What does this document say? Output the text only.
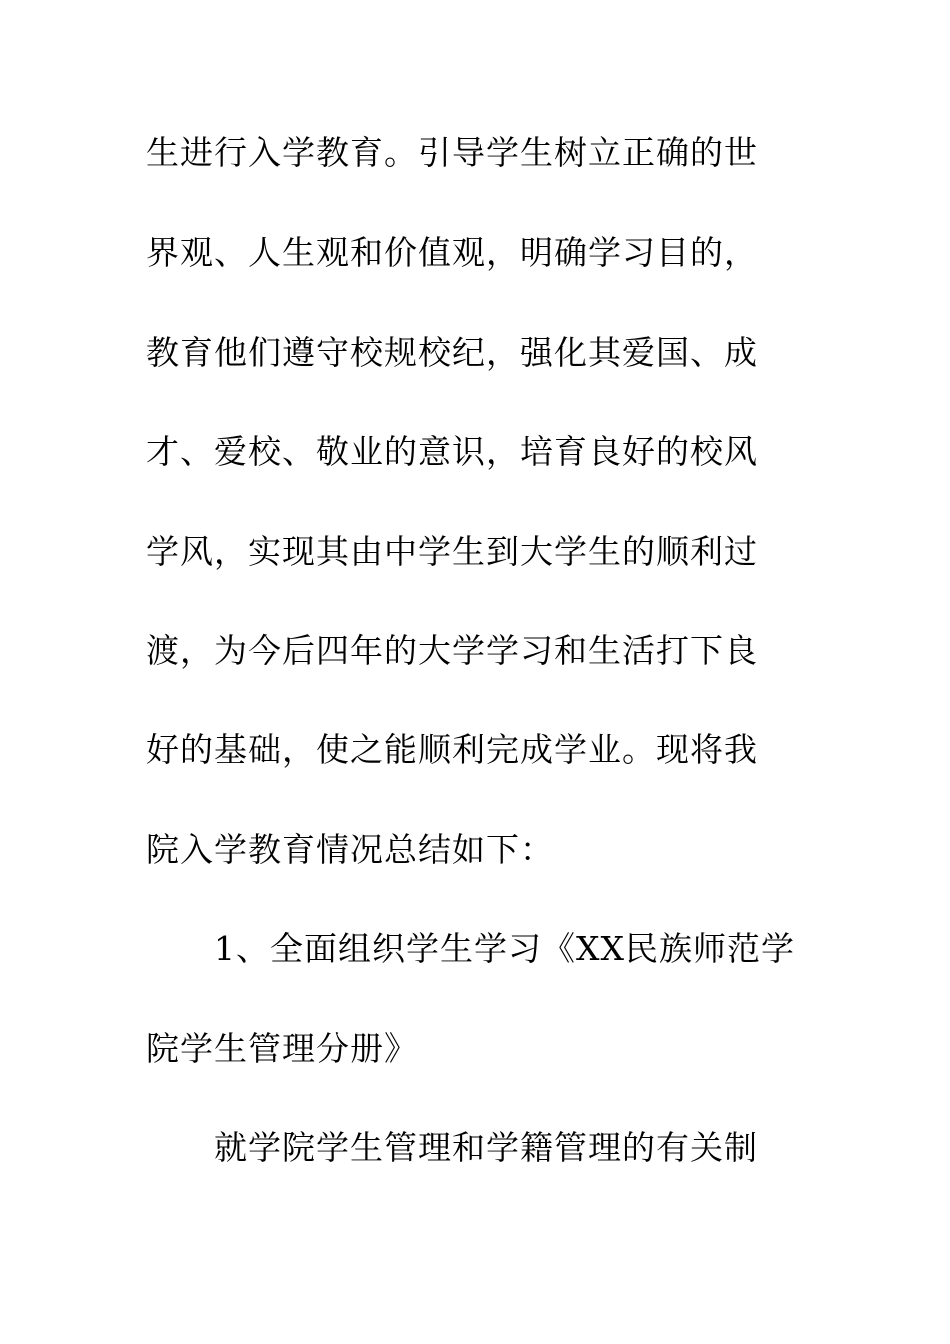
生进行入学教育。引导学生树立正确的世
界观、人生观和价值观，明确学习目的，
教育他们遵守校规校纪，强化其爱国、成
才、爱校、敬业的意识，培育良好的校风
学风，实现其由中学生到大学生的顺利过
渡，为今后四年的大学学习和生活打下良
好的基础，使之能顺利完成学业。现将我
院入学教育情况总结如下：
1、全面组织学生学习《XX民族师范学
院学生管理分册》
就学院学生管理和学籍管理的有关制
